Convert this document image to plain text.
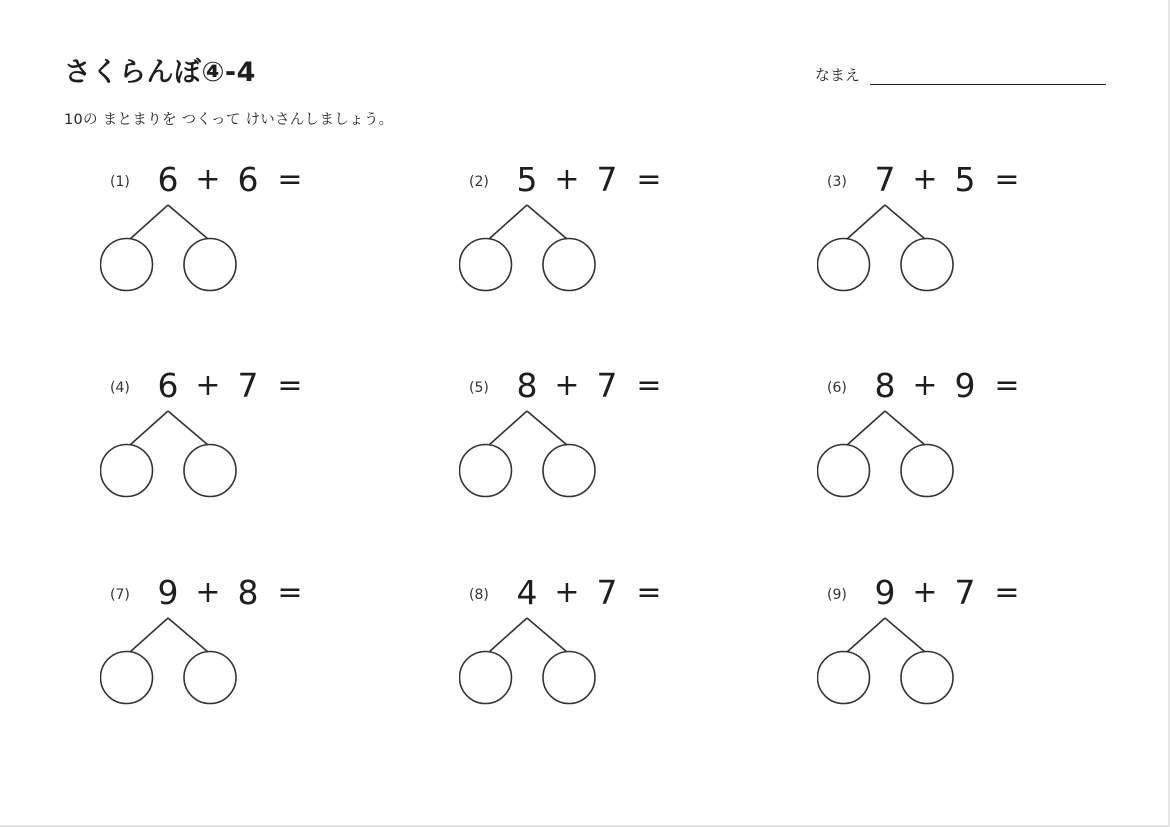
さくらんぼ④-4	なまえ
10の まとまりを つくって けいさんしましょう。
(1) 6 + 6 =	(2) 5 + 7 =	(3) 7 + 5 =
(4) 6 + 7 =	(5) 8 + 7 =	(6) 8 + 9 =
(7) 9 + 8 =	(8) 4 + 7 =	(9) 9 + 7 =
